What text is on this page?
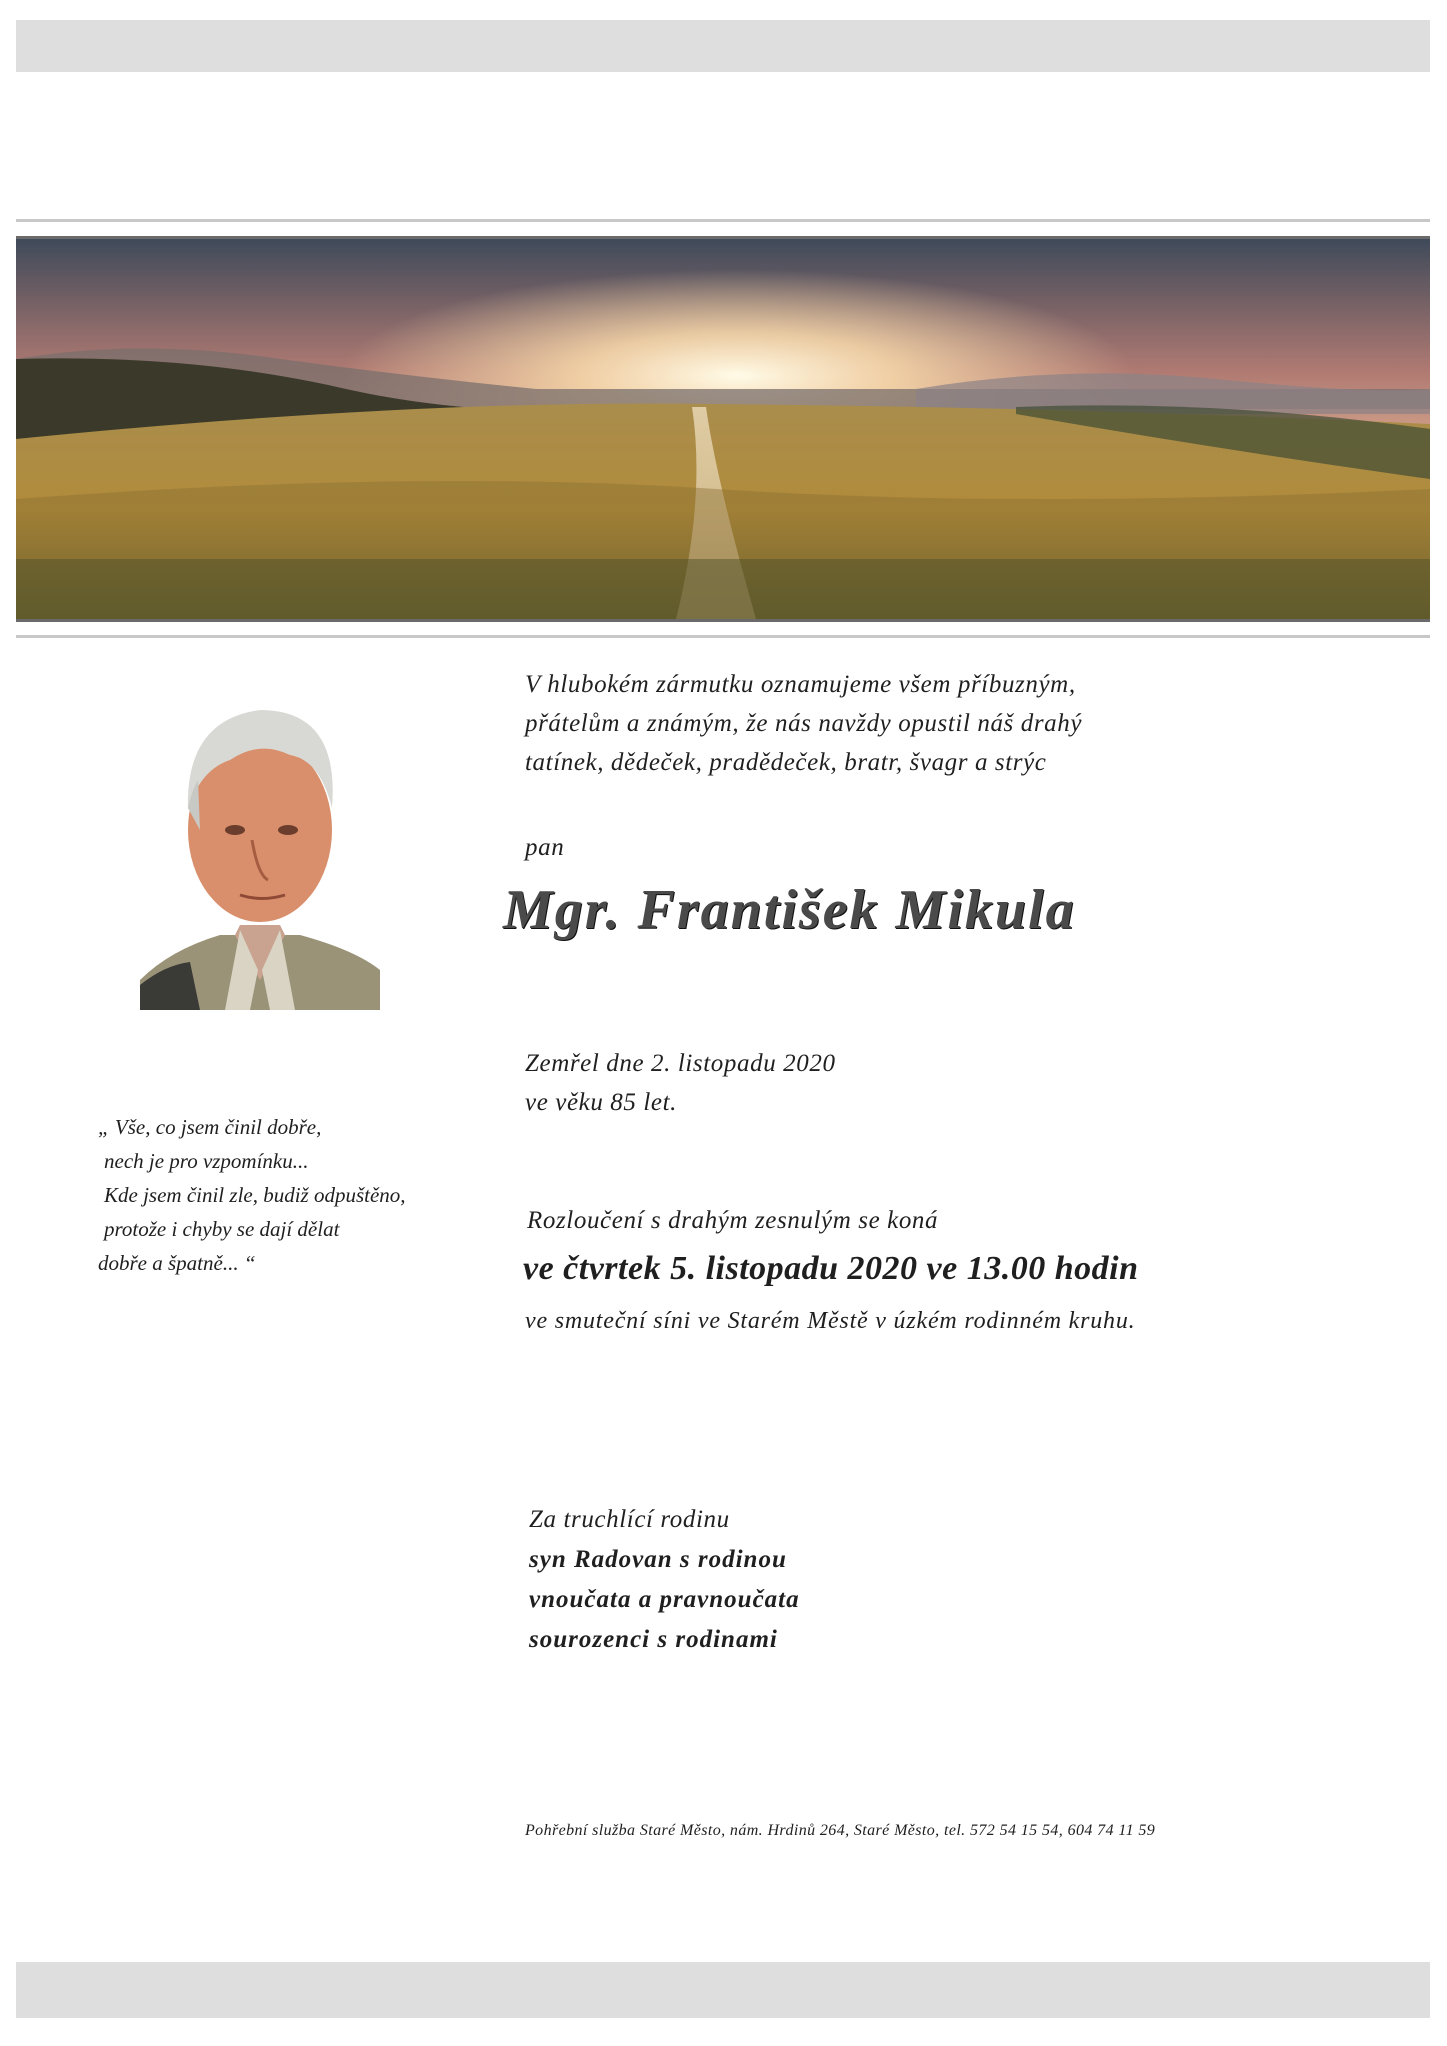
V hlubokém zármutku oznamujeme všem příbuzným,
přátelům a známým, že nás navždy opustil náš drahý
tatínek, dědeček, pradědeček, bratr, švagr a strýc
pan
Mgr. František Mikula
Zemřel dne 2. listopadu 2020
ve věku 85 let.
„ Vše, co jsem činil dobře,
nech je pro vzpomínku...
Kde jsem činil zle, budiž odpuštěno,
protože i chyby se dají dělat
dobře a špatně... “
Rozloučení s drahým zesnulým se koná
ve čtvrtek 5. listopadu 2020 ve 13.00 hodin
ve smuteční síni ve Starém Městě v úzkém rodinném kruhu.
Za truchlící rodinu
syn Radovan s rodinou
vnoučata a pravnoučata
sourozenci s rodinami
Pohřební služba Staré Město, nám. Hrdinů 264, Staré Město, tel. 572 54 15 54, 604 74 11 59
